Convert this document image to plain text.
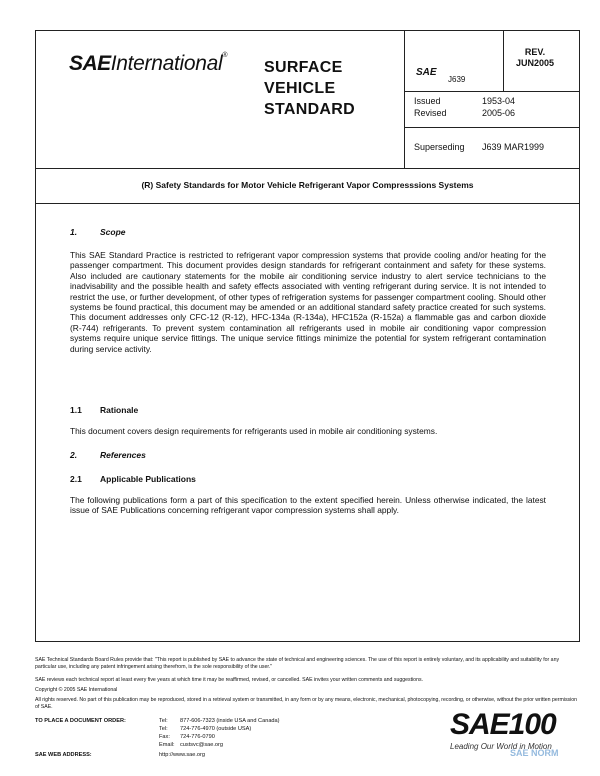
SAEInternational®
SURFACE
VEHICLE
STANDARD
SAE
J639
REV.
JUN2005
Issued	1953-04
Revised	2005-06
Superseding J639 MAR1999
(R) Safety Standards for Motor Vehicle Refrigerant Vapor Compresssions Systems
1.	Scope
This SAE Standard Practice is restricted to refrigerant vapor compression systems that provide cooling and/or heating for the passenger compartment. This document provides design standards for refrigerant containment and safety for these systems. Also included are cautionary statements for the mobile air conditioning service industry to alert service technicians to the inadvisability and the possible health and safety effects associated with venting refrigerant during service. It is not intended to restrict the use, or further development, of other types of refrigeration systems for passenger compartment cooling. Should other systems be found practical, this document may be amended or an additional standard safety practice created for such systems. This document addresses only CFC-12 (R-12), HFC-134a (R-134a), HFC152a (R-152a) a flammable gas and carbon dioxide (R-744) refrigerants. To prevent system contamination all refrigerants used in mobile air conditioning vapor compression systems require unique service fittings. The unique service fittings minimize the potential for system refrigerant contamination during service activity.
1.1 Rationale
This document covers design requirements for refrigerants used in mobile air conditioning systems.
2.	References
2.1 Applicable Publications
The following publications form a part of this specification to the extent specified herein. Unless otherwise indicated, the latest issue of SAE Publications concerning refrigerant vapor compression systems shall apply.
SAE Technical Standards Board Rules provide that: "This report is published by SAE to advance the state of technical and engineering sciences. The use of this report is entirely voluntary, and its applicability and suitability for any particular use, including any patent infringement arising therefrom, is the sole responsibility of the user."
SAE reviews each technical report at least every five years at which time it may be reaffirmed, revised, or cancelled. SAE invites your written comments and suggestions.
Copyright © 2005 SAE International
All rights reserved. No part of this publication may be reproduced, stored in a retrieval system or transmitted, in any form or by any means, electronic, mechanical, photocopying, recording, or otherwise, without the prior written permission of SAE.
TO PLACE A DOCUMENT ORDER:	Tel: 877-606-7323 (inside USA and Canada)
Tel: 724-776-4970 (outside USA)
Fax: 724-776-0790
Email: custsvc@sae.org
SAE WEB ADDRESS:	http://www.sae.org
SAE100
Leading Our World in Motion
SAE NORM
